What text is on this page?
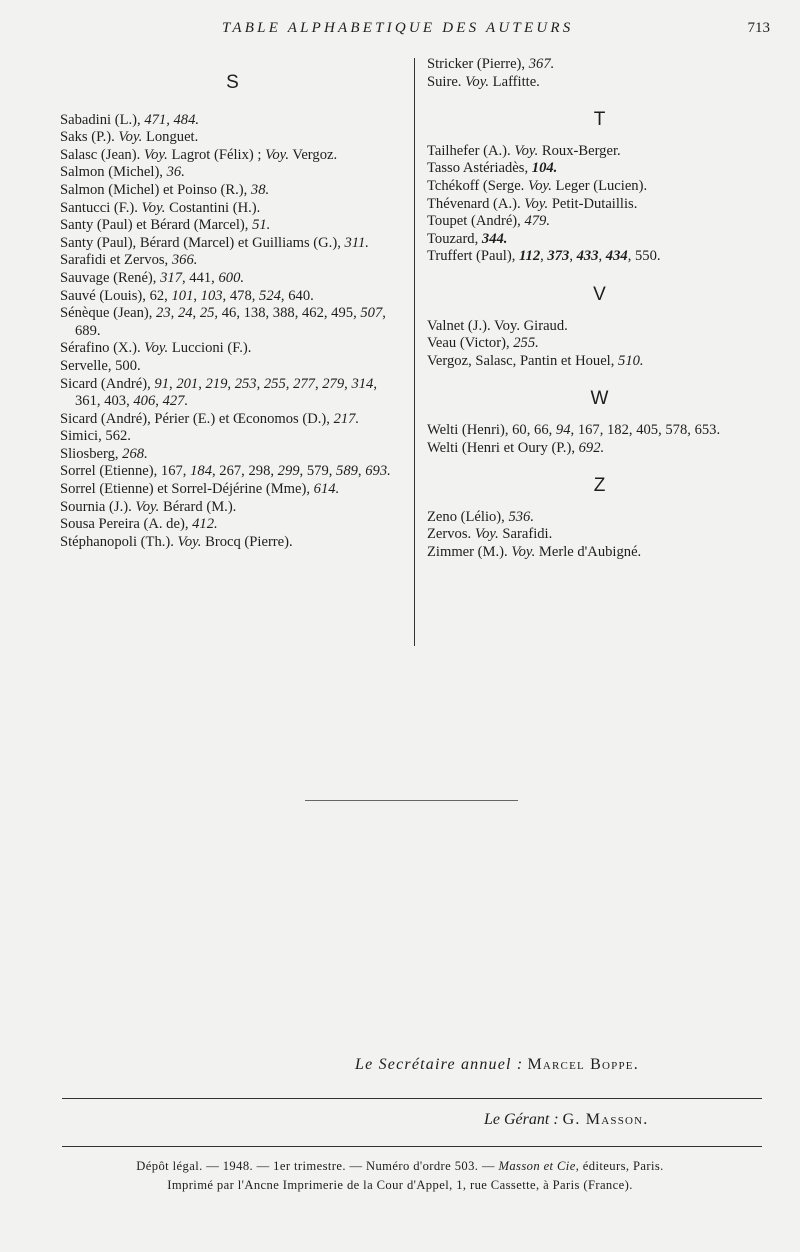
TABLE ALPHABETIQUE DES AUTEURS	713
S

Sabadini (L.), 471, 484.

Saks (P.). Voy. Longuet.

Salasc (Jean). Voy. Lagrot (Félix) ; Voy. Vergoz.

Salmon (Michel), 36.

Salmon (Michel) et Poinso (R.), 38.

Santucci (F.). Voy. Costantini (H.).

Santy (Paul) et Bérard (Marcel), 51.

Santy (Paul), Bérard (Marcel) et Guilliams (G.), 311.

Sarafidi et Zervos, 366.

Sauvage (René), 317, 441, 600.

Sauvé (Louis), 62, 101, 103, 478, 524, 640.

Sénèque (Jean), 23, 24, 25, 46, 138, 388, 462, 495, 507, 689.

Sérafino (X.). Voy. Luccioni (F.).

Servelle, 500.

Sicard (André), 91, 201, 219, 253, 255, 277, 279, 314, 361, 403, 406, 427.

Sicard (André), Périer (E.) et Œconomos (D.), 217.

Simici, 562.

Sliosberg, 268.

Sorrel (Etienne), 167, 184, 267, 298, 299, 579, 589, 693.

Sorrel (Etienne) et Sorrel-Déjérine (Mme), 614.

Sournia (J.). Voy. Bérard (M.).

Sousa Pereira (A. de), 412.

Stéphanopoli (Th.). Voy. Brocq (Pierre).

Stricker (Pierre), 367.

Suire. Voy. Laffitte.

T

Tailhefer (A.). Voy. Roux-Berger.

Tasso Astériadès, 104.

Tchékoff (Serge. Voy. Leger (Lucien).

Thévenard (A.). Voy. Petit-Dutaillis.

Toupet (André), 479.

Touzard, 344.

Truffert (Paul), 112, 373, 433, 434, 550.

V

Valnet (J.). Voy. Giraud.

Veau (Victor), 255.

Vergoz, Salasc, Pantin et Houel, 510.

W

Welti (Henri), 60, 66, 94, 167, 182, 405, 578, 653.

Welti (Henri et Oury (P.), 692.

Z

Zeno (Lélio), 536.

Zervos. Voy. Sarafidi.

Zimmer (M.). Voy. Merle d'Aubigné.

Le Secrétaire annuel : Marcel Boppe.
Le Gérant : G. Masson.
Dépôt légal. — 1948. — 1er trimestre. — Numéro d'ordre 503. — Masson et Cie, éditeurs, Paris.
Imprimé par l'Ancne Imprimerie de la Cour d'Appel, 1, rue Cassette, à Paris (France).
